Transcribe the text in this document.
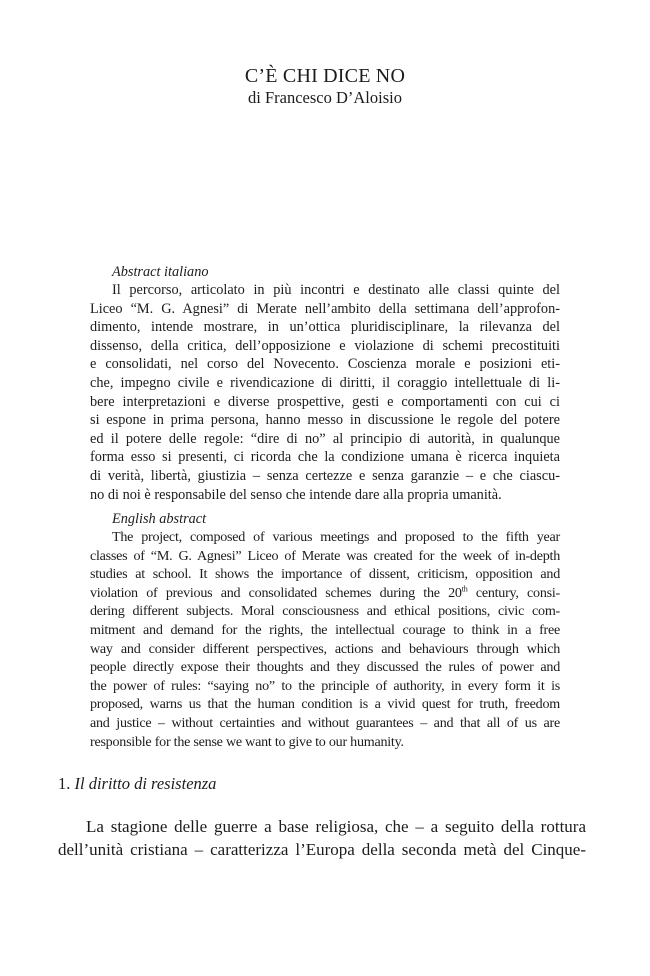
C’È CHI DICE NO
di Francesco D’Aloisio
Abstract italiano
Il percorso, articolato in più incontri e destinato alle classi quinte del
Liceo “M. G. Agnesi” di Merate nell’ambito della settimana dell’approfon-
dimento, intende mostrare, in un’ottica pluridisciplinare, la rilevanza del
dissenso, della critica, dell’opposizione e violazione di schemi precostituiti
e consolidati, nel corso del Novecento. Coscienza morale e posizioni eti-
che, impegno civile e rivendicazione di diritti, il coraggio intellettuale di li-
bere interpretazioni e diverse prospettive, gesti e comportamenti con cui ci
si espone in prima persona, hanno messo in discussione le regole del potere
ed il potere delle regole: “dire di no” al principio di autorità, in qualunque
forma esso si presenti, ci ricorda che la condizione umana è ricerca inquieta
di verità, libertà, giustizia – senza certezze e senza garanzie – e che ciascu-
no di noi è responsabile del senso che intende dare alla propria umanità.
English abstract
The project, composed of various meetings and proposed to the fifth year
classes of “M. G. Agnesi” Liceo of Merate was created for the week of in-depth
studies at school. It shows the importance of dissent, criticism, opposition and
violation of previous and consolidated schemes during the 20th century, consi-
dering different subjects. Moral consciousness and ethical positions, civic com-
mitment and demand for the rights, the intellectual courage to think in a free
way and consider different perspectives, actions and behaviours through which
people directly expose their thoughts and they discussed the rules of power and
the power of rules: “saying no” to the principle of authority, in every form it is
proposed, warns us that the human condition is a vivid quest for truth, freedom
and justice – without certainties and without guarantees – and that all of us are
responsible for the sense we want to give to our humanity.
1. Il diritto di resistenza
La stagione delle guerre a base religiosa, che – a seguito della rottura
dell’unità cristiana – caratterizza l’Europa della seconda metà del Cinque-
